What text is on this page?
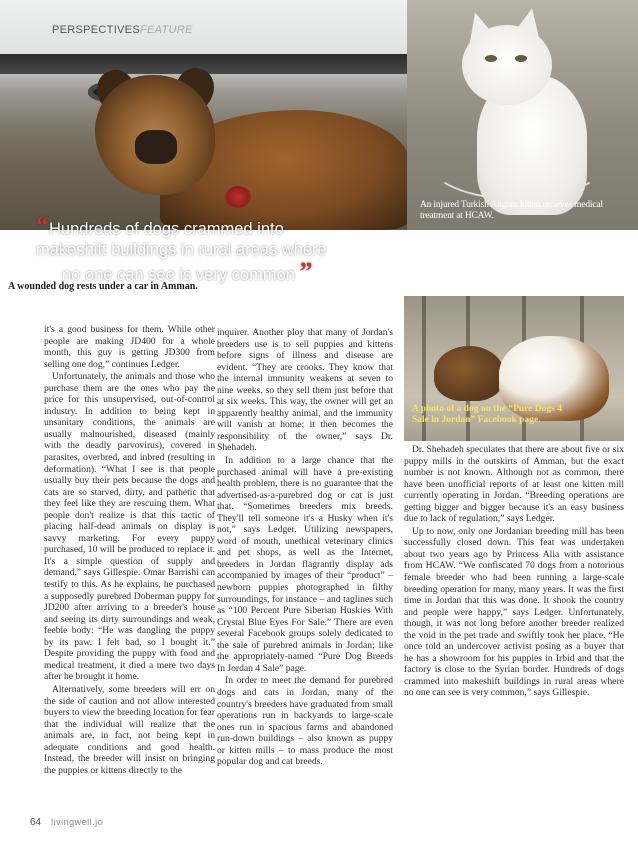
PERSPECTIVESFEATURE
An injured Turkish Angora kitten recieves medical treatment at HCAW.
“Hundreds of dogs crammed into
makeshift buildings in rural areas where
no one can see is very common ”
A wounded dog rests under a car in Amman.

it's a good business for them. While other people are making JD400 for a whole month, this guy is getting JD300 from selling one dog,” continues Ledger.

Unfortunately, the animals and those who purchase them are the ones who pay the price for this unsupervised, out-of-control industry. In addition to being kept in unsanitary conditions, the animals are usually malnourished, diseased (mainly with the deadly parvovirus), covered in parasites, overbred, and inbred (resulting in deformation). “What I see is that people usually buy their pets because the dogs and cats are so starved, dirty, and pathetic that they feel like they are rescuing them. What people don't realize is that this tactic of placing half-dead animals on display is savvy marketing. For every puppy purchased, 10 will be produced to replace it. It's a simple question of supply and demand,” says Gillespie. Omar Barrishi can testify to this. As he explains, he purchased a supposedly purebred Doberman puppy for JD200 after arriving to a breeder's house and seeing its dirty surroundings and weak, feeble body: “He was dangling the puppy by its paw. I felt bad, so I bought it.” Despite providing the puppy with food and medical treatment, it died a mere two days after he brought it home.

Alternatively, some breeders will err on the side of caution and not allow interested buyers to view the breeding location for fear that the individual will realize that the animals are, in fact, not being kept in adequate conditions and good health. Instead, the breeder will insist on bringing the puppies or kittens directly to the

inquirer. Another ploy that many of Jordan's breeders use is to sell puppies and kittens before signs of illness and disease are evident. “They are crooks. They know that the internal immunity weakens at seven to nine weeks, so they sell them just before that at six weeks. This way, the owner will get an apparently healthy animal, and the immunity will vanish at home; it then becomes the responsibility of the owner,” says Dr. Shehadeh.

In addition to a large chance that the purchased animal will have a pre-existing health problem, there is no guarantee that the advertised-as-a-purebred dog or cat is just that. “Sometimes breeders mix breeds. They'll tell someone it's a Husky when it's not,” says Ledger. Utilizing newspapers, word of mouth, unethical veterinary clinics and pet shops, as well as the Internet, breeders in Jordan flagrantly display ads accompanied by images of their “product” – newborn puppies photographed in filthy surroundings, for instance – and taglines such as “100 Percent Pure Siberian Huskies With Crystal Blue Eyes For Sale.” There are even several Facebook groups solely dedicated to the sale of purebred animals in Jordan; like the appropriately-named “Pure Dog Breeds In Jordan 4 Sale” page.

In order to meet the demand for purebred dogs and cats in Jordan, many of the country's breeders have graduated from small operations run in backyards to large-scale ones run in spacious farms and abandoned run-down buildings – also known as puppy or kitten mills – to mass produce the most popular dog and cat breeds.

A photo of a dog on the “Pure Dogs 4 Sale in Jordan” Facebook page.

Dr. Shehadeh speculates that there are about five or six puppy mills in the outskirts of Amman, but the exact number is not known. Although not as common, there have been unofficial reports of at least one kitten mill currently operating in Jordan. “Breeding operations are getting bigger and bigger because it's an easy business due to lack of regulation,” says Ledger.

Up to now, only one Jordanian breeding mill has been successfully closed down. This feat was undertaken about two years ago by Princess Alia with assistance from HCAW. “We confiscated 70 dogs from a notorious female breeder who had been running a large-scale breeding operation for many, many years. It was the first time in Jordan that this was done. It shook the country and people were happy,” says Ledger. Unfortunately, though, it was not long before another breeder realized the void in the pet trade and swiftly took her place. “He once told an undercover activist posing as a buyer that he has a showroom for his puppies in Irbid and that the factory is close to the Syrian border. Hundreds of dogs crammed into makeshift buildings in rural areas where no one can see is very common,” says Gillespie.

64 livingwell.jo
